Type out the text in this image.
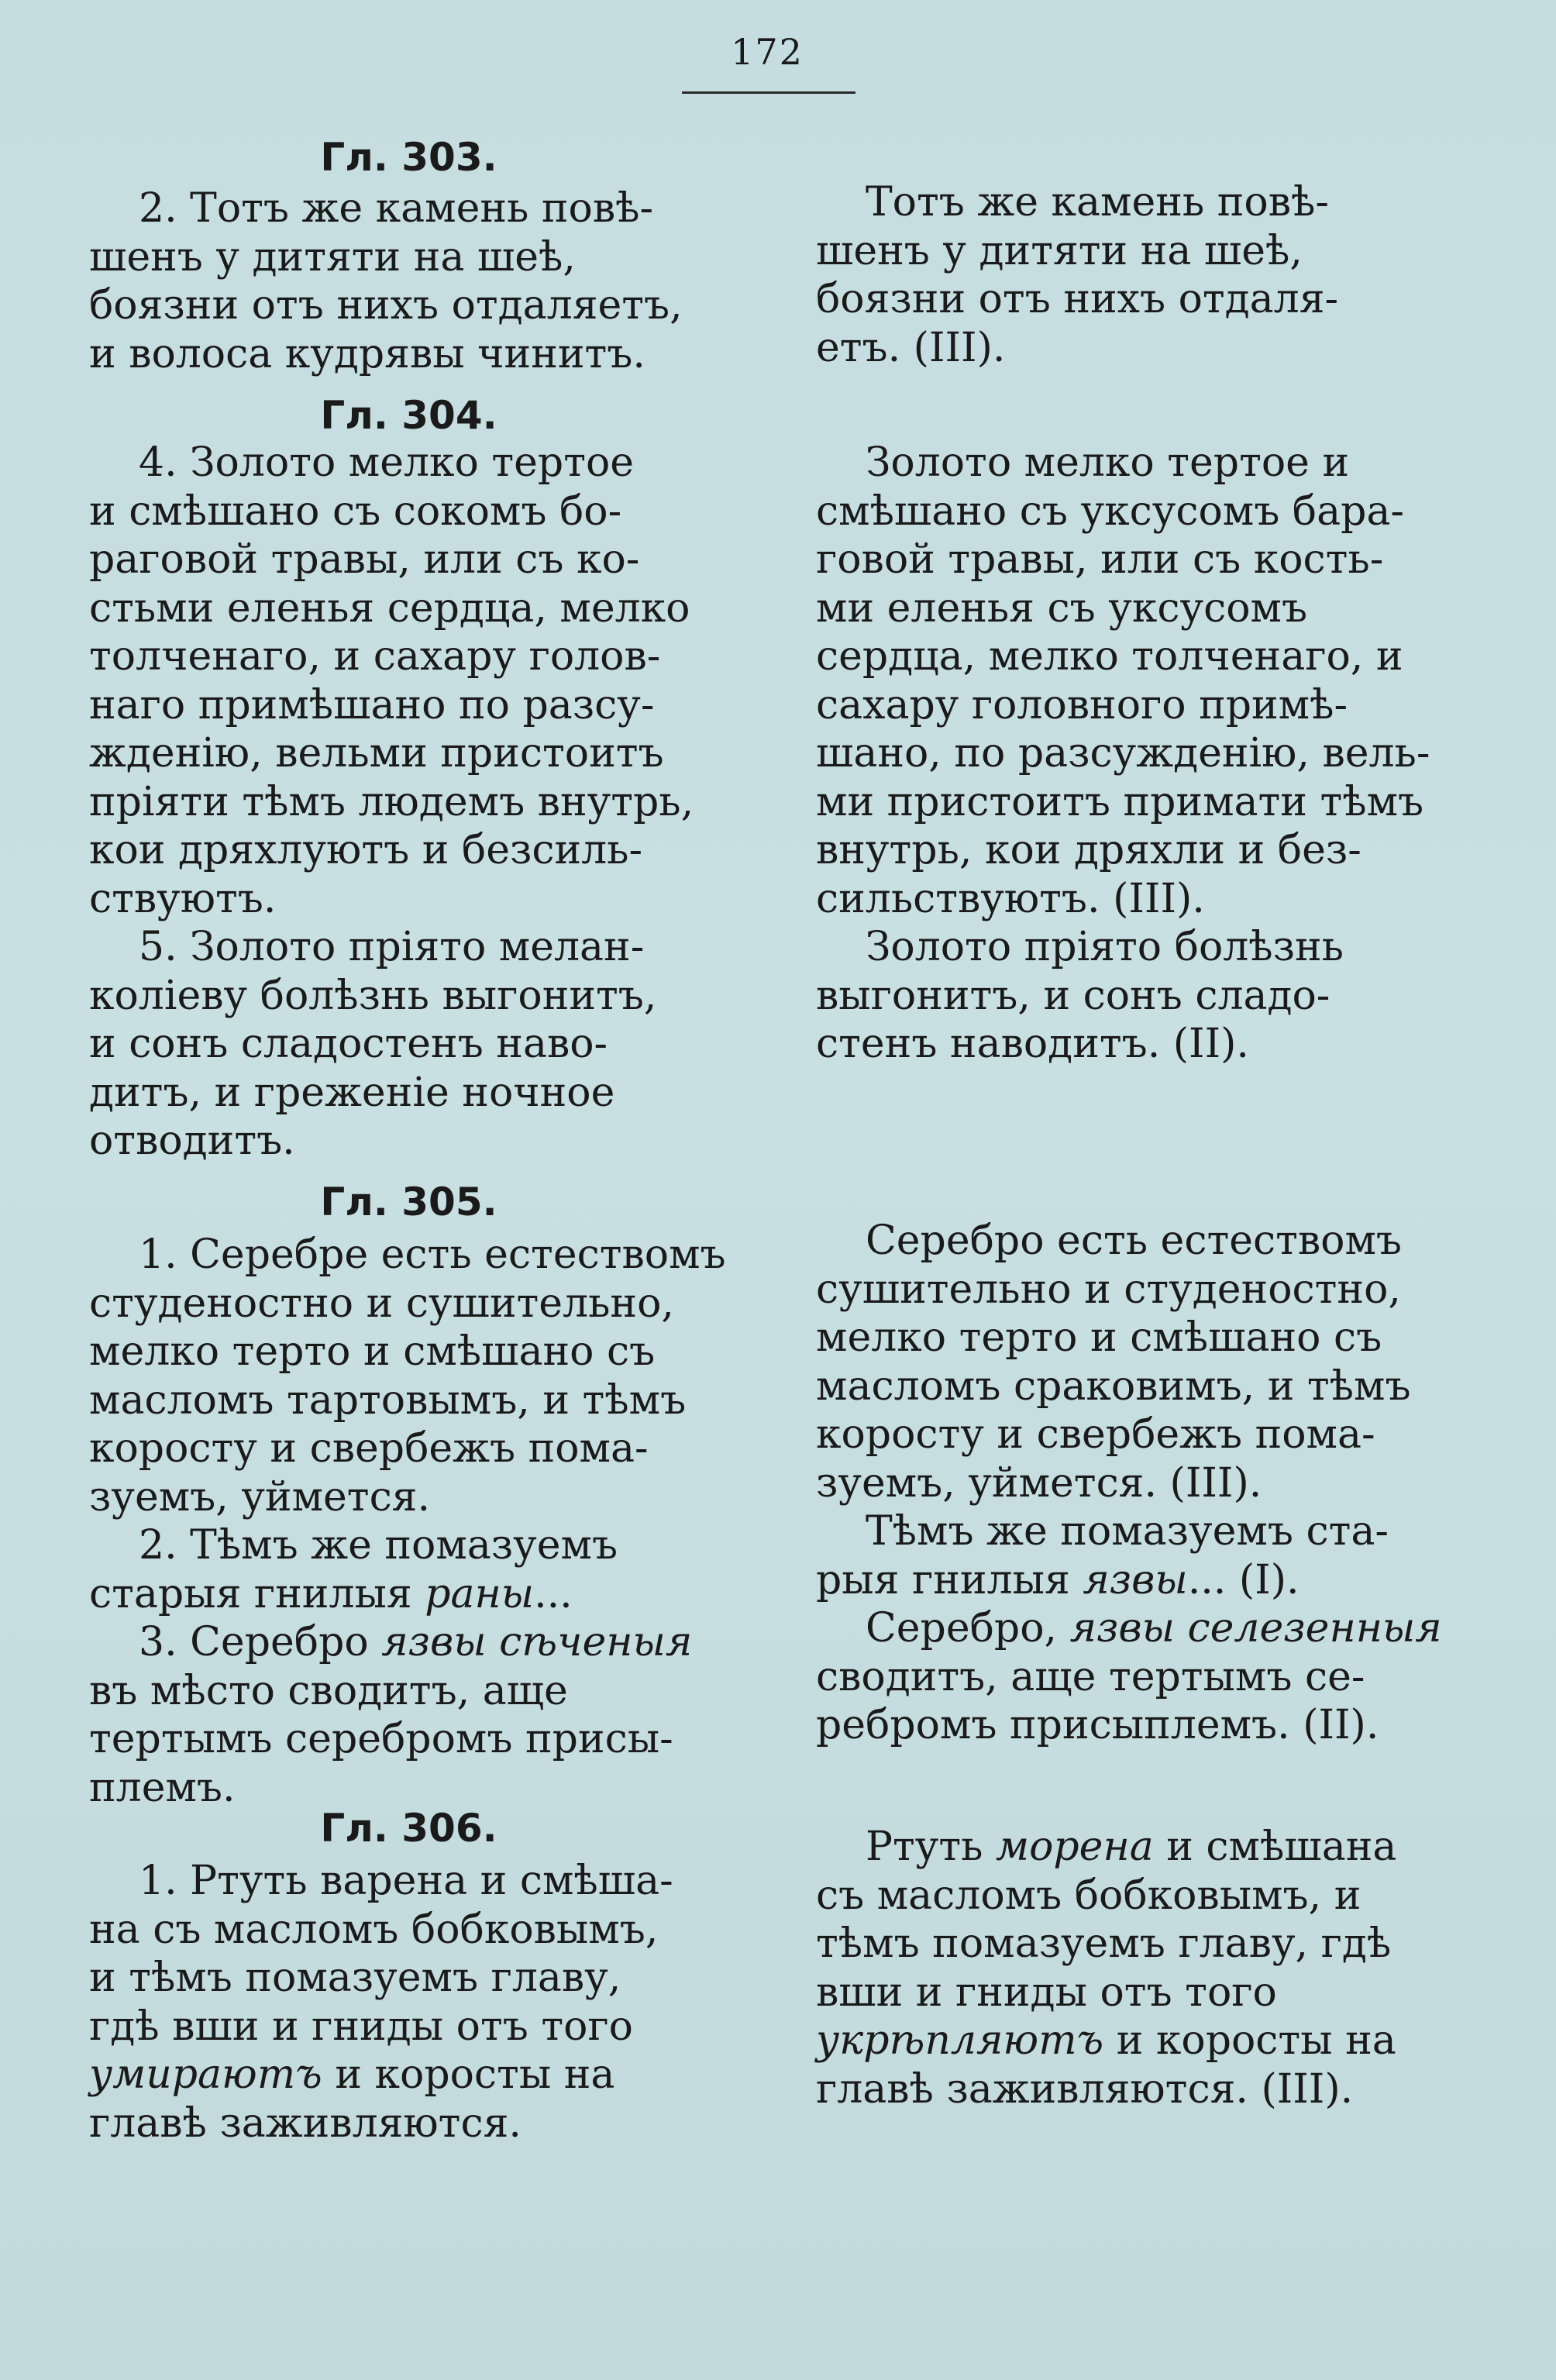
172
Гл. 303.

2. Тотъ же камень повѣ-

шенъ у дитяти на шеѣ,

боязни отъ нихъ отдаляетъ,

и волоса кудрявы чинитъ.

Гл. 304.

4. Золото мелко тертое

и смѣшано съ сокомъ бо-

раговой травы, или съ ко-

стьми еленья сердца, мелко

толченаго, и сахару голов-

наго примѣшано по разсу-

жденію, вельми пристоитъ

пріяти тѣмъ людемъ внутрь,

кои дряхлуютъ и безсиль-

ствуютъ.

5. Золото пріято мелан-

коліеву болѣзнь выгонитъ,

и сонъ сладостенъ наво-

дитъ, и греженіе ночное

отводитъ.

Гл. 305.

1. Серебре есть естествомъ

студеностно и сушительно,

мелко терто и смѣшано съ

масломъ тартовымъ, и тѣмъ

коросту и свербежъ пома-

зуемъ, уймется.

2. Тѣмъ же помазуемъ

старыя гнилыя раны...

3. Серебро язвы сѣченыя

въ мѣсто сводитъ, аще

тертымъ серебромъ присы-

племъ.

Гл. 306.

1. Ртуть варена и смѣша-

на съ масломъ бобковымъ,

и тѣмъ помазуемъ главу,

гдѣ вши и гниды отъ того

умираютъ и коросты на

главѣ заживляются.

Тотъ же камень повѣ-

шенъ у дитяти на шеѣ,

боязни отъ нихъ отдаля-

етъ. (III).

Золото мелко тертое и

смѣшано съ уксусомъ бара-

говой травы, или съ кость-

ми еленья съ уксусомъ

сердца, мелко толченаго, и

сахару головного примѣ-

шано, по разсужденію, вель-

ми пристоитъ примати тѣмъ

внутрь, кои дряхли и без-

сильствуютъ. (III).

Золото пріято болѣзнь

выгонитъ, и сонъ сладо-

стенъ наводитъ. (II).

Серебро есть естествомъ

сушительно и студеностно,

мелко терто и смѣшано съ

масломъ сраковимъ, и тѣмъ

коросту и свербежъ пома-

зуемъ, уймется. (III).

Тѣмъ же помазуемъ ста-

рыя гнилыя язвы... (I).

Серебро, язвы селезенныя

сводитъ, аще тертымъ се-

ребромъ присыплемъ. (II).

Ртуть морена и смѣшана

съ масломъ бобковымъ, и

тѣмъ помазуемъ главу, гдѣ

вши и гниды отъ того

укрѣпляютъ и коросты на

главѣ заживляются. (III).
